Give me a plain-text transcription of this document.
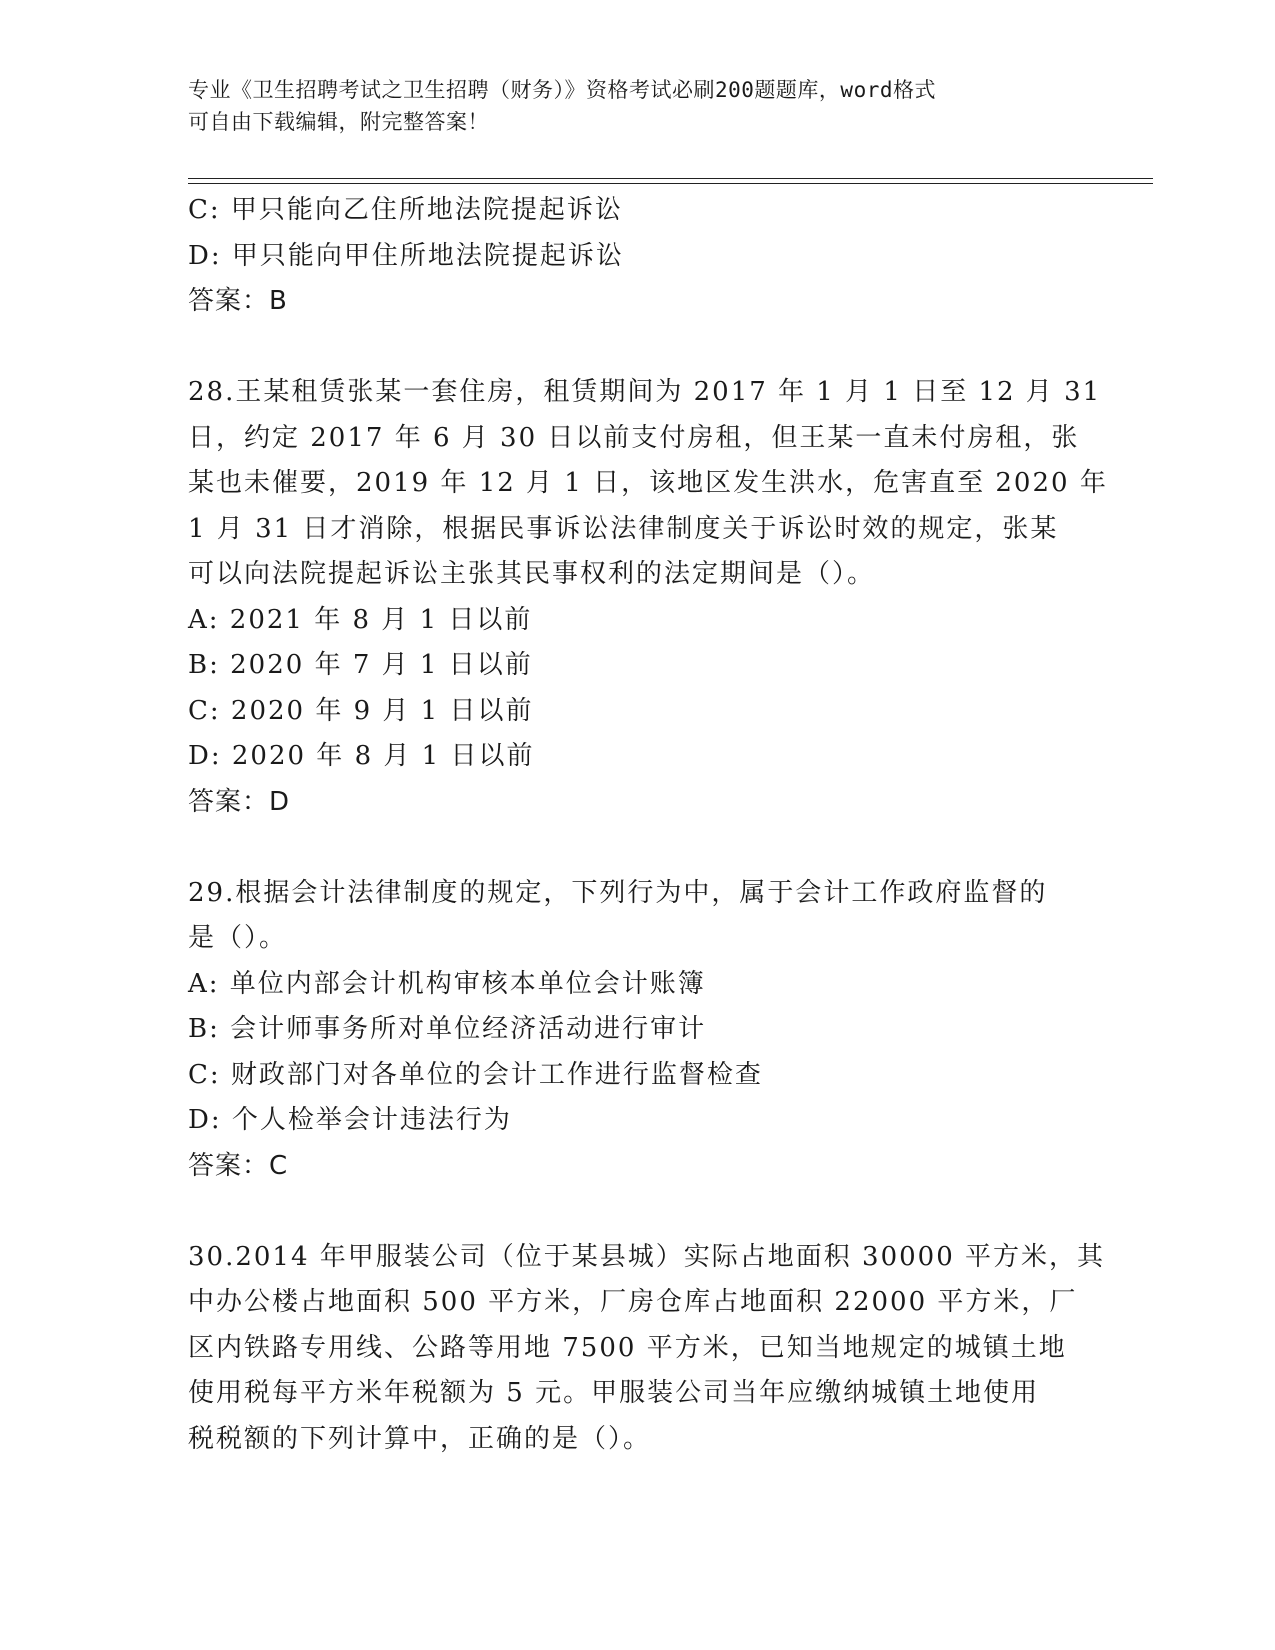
专业《卫生招聘考试之卫生招聘（财务）》资格考试必刷200题题库，word格式
可自由下载编辑，附完整答案！
C: 甲只能向乙住所地法院提起诉讼
D: 甲只能向甲住所地法院提起诉讼
答案：B
28.王某租赁张某一套住房，租赁期间为 2017 年 1 月 1 日至 12 月 31
日，约定 2017 年 6 月 30 日以前支付房租，但王某一直未付房租，张
某也未催要，2019 年 12 月 1 日，该地区发生洪水，危害直至 2020 年
1 月 31 日才消除，根据民事诉讼法律制度关于诉讼时效的规定，张某
可以向法院提起诉讼主张其民事权利的法定期间是（）。
A: 2021 年 8 月 1 日以前
B: 2020 年 7 月 1 日以前
C: 2020 年 9 月 1 日以前
D: 2020 年 8 月 1 日以前
答案：D
29.根据会计法律制度的规定，下列行为中，属于会计工作政府监督的
是（）。
A: 单位内部会计机构审核本单位会计账簿
B: 会计师事务所对单位经济活动进行审计
C: 财政部门对各单位的会计工作进行监督检查
D: 个人检举会计违法行为
答案：C
30.2014 年甲服装公司（位于某县城）实际占地面积 30000 平方米，其
中办公楼占地面积 500 平方米，厂房仓库占地面积 22000 平方米，厂
区内铁路专用线、公路等用地 7500 平方米，已知当地规定的城镇土地
使用税每平方米年税额为 5 元。甲服装公司当年应缴纳城镇土地使用
税税额的下列计算中，正确的是（）。
